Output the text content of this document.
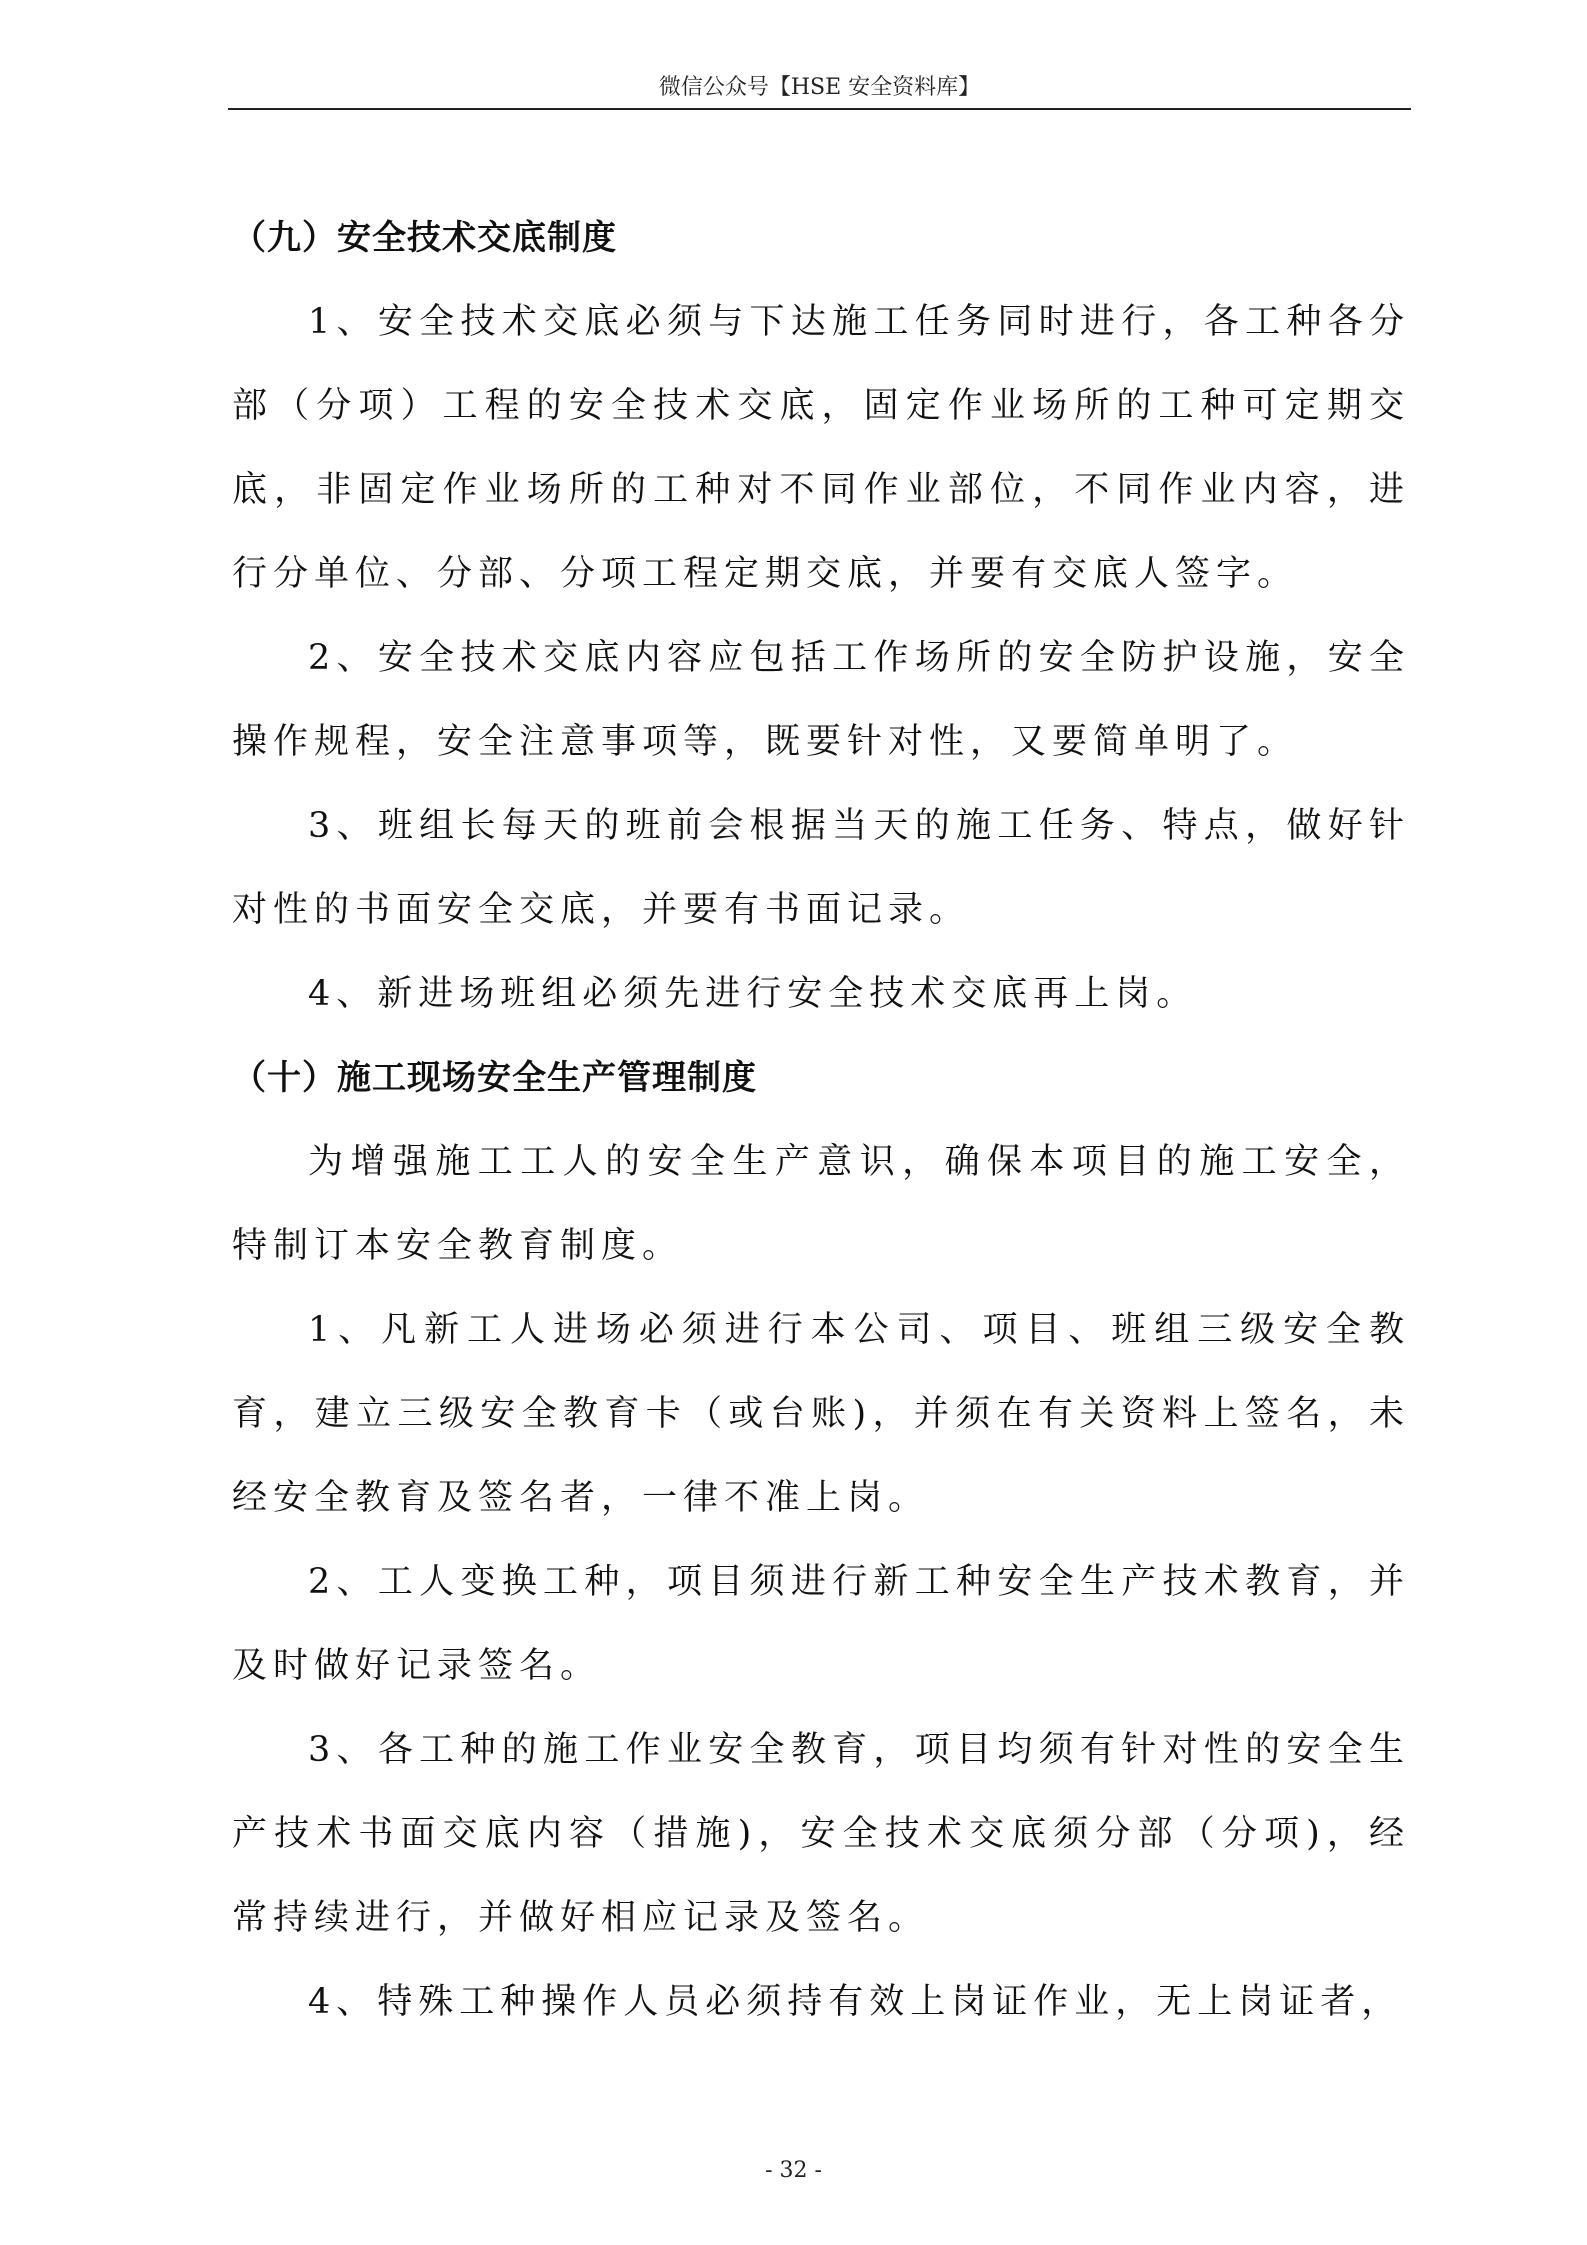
微信公众号【HSE 安全资料库】

（九）安全技术交底制度

1、安全技术交底必须与下达施工任务同时进行，各工种各分部（分项）工程的安全技术交底，固定作业场所的工种可定期交底，非固定作业场所的工种对不同作业部位，不同作业内容，进行分单位、分部、分项工程定期交底，并要有交底人签字。

2、安全技术交底内容应包括工作场所的安全防护设施，安全操作规程，安全注意事项等，既要针对性，又要简单明了。

3、班组长每天的班前会根据当天的施工任务、特点，做好针对性的书面安全交底，并要有书面记录。

4、新进场班组必须先进行安全技术交底再上岗。

（十）施工现场安全生产管理制度

为增强施工工人的安全生产意识，确保本项目的施工安全，特制订本安全教育制度。

1、凡新工人进场必须进行本公司、项目、班组三级安全教育，建立三级安全教育卡（或台账)，并须在有关资料上签名，未经安全教育及签名者，一律不准上岗。

2、工人变换工种，项目须进行新工种安全生产技术教育，并及时做好记录签名。

3、各工种的施工作业安全教育，项目均须有针对性的安全生产技术书面交底内容（措施)，安全技术交底须分部（分项)，经常持续进行，并做好相应记录及签名。

4、特殊工种操作人员必须持有效上岗证作业，无上岗证者，

- 32 -
